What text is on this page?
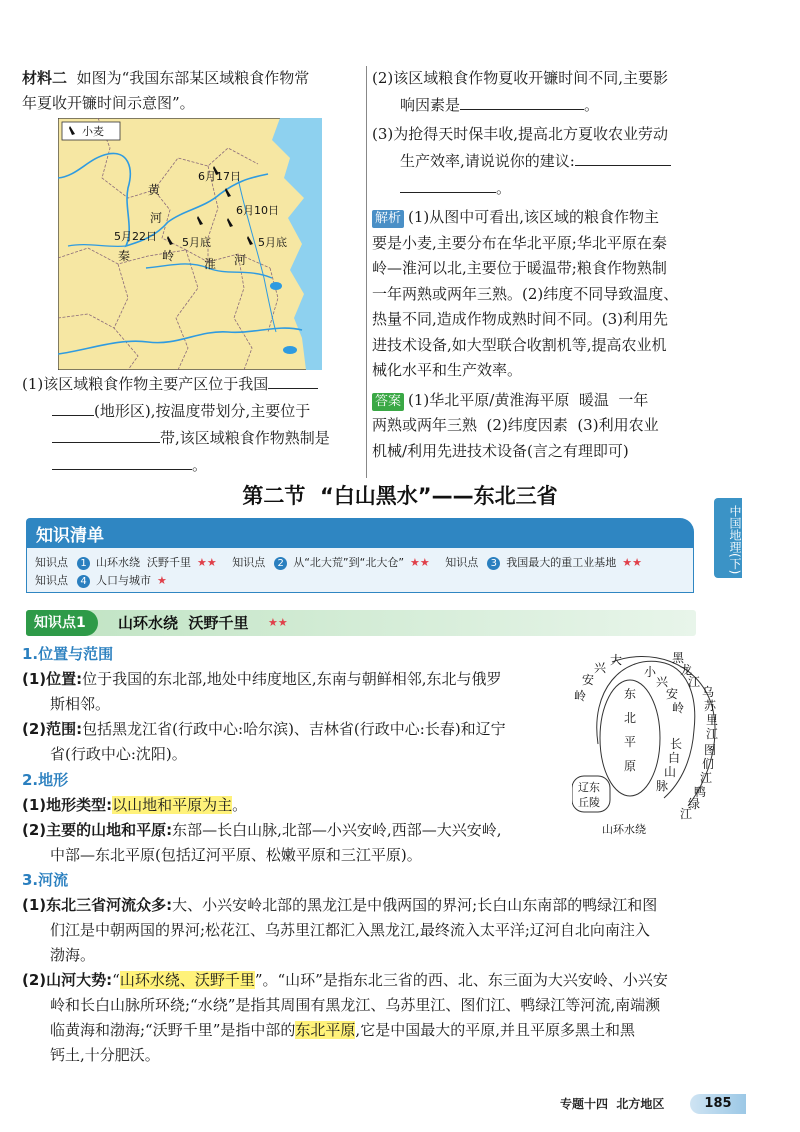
材料二 如图为“我国东部某区域粮食作物常
年夏收开镰时间示意图”。
小麦
6月17日
6月10日
5月22日 5月底	5月底
黄
河
秦	岭
淮 河
(1)该区域粮食作物主要产区位于我国
(地形区),按温度带划分,主要位于
带,该区域粮食作物熟制是
。
(2)该区域粮食作物夏收开镰时间不同,主要影
响因素是	。
(3)为抢得天时保丰收,提高北方夏收农业劳动
生产效率,请说说你的建议:
。
解析 (1)从图中可看出,该区域的粮食作物主
要是小麦,主要分布在华北平原;华北平原在秦
岭—淮河以北,主要位于暖温带;粮食作物熟制
一年两熟或两年三熟。(2)纬度不同导致温度、
热量不同,造成作物成熟时间不同。(3)利用先
进技术设备,如大型联合收割机等,提高农业机
械化水平和生产效率。
答案 (1)华北平原/黄淮海平原  暖温  一年
两熟或两年三熟  (2)纬度因素  (3)利用农业
机械/利用先进技术设备(言之有理即可)
第二节  “白山黑水”——东北三省
中国地理(下)
知识清单
知识点 1 山环水绕  沃野千里 ★★ 知识点 2 从“北大荒”到“北大仓” ★★ 知识点 3 我国最大的重工业基地 ★★
知识点 4 人口与城市 ★
知识点1	山环水绕  沃野千里 ★★
1.位置与范围
(1)位置:位于我国的东北部,地处中纬度地区,东南与朝鲜相邻,东北与俄罗
斯相邻。
(2)范围:包括黑龙江省(行政中心:哈尔滨)、吉林省(行政中心:长春)和辽宁
省(行政中心:沈阳)。
2.地形
(1)地形类型:以山地和平原为主。
(2)主要的山地和平原:东部—长白山脉,北部—小兴安岭,西部—大兴安岭,
中部—东北平原(包括辽河平原、松嫩平原和三江平原)。
东
北
平
原
岭
安
兴
大
小
兴
安
岭
黑
龙
江
乌
苏
里
江
长
白
山
脉
图
们
江
鸭
绿
江
辽东
丘陵
山环水绕
3.河流
(1)东北三省河流众多:大、小兴安岭北部的黑龙江是中俄两国的界河;长白山东南部的鸭绿江和图
们江是中朝两国的界河;松花江、乌苏里江都汇入黑龙江,最终流入太平洋;辽河自北向南注入
渤海。
(2)山河大势:“山环水绕、沃野千里”。“山环”是指东北三省的西、北、东三面为大兴安岭、小兴安
岭和长白山脉所环绕;“水绕”是指其周围有黑龙江、乌苏里江、图们江、鸭绿江等河流,南端濒
临黄海和渤海;“沃野千里”是指中部的东北平原,它是中国最大的平原,并且平原多黑土和黑
钙土,十分肥沃。
专题十四  北方地区	185
